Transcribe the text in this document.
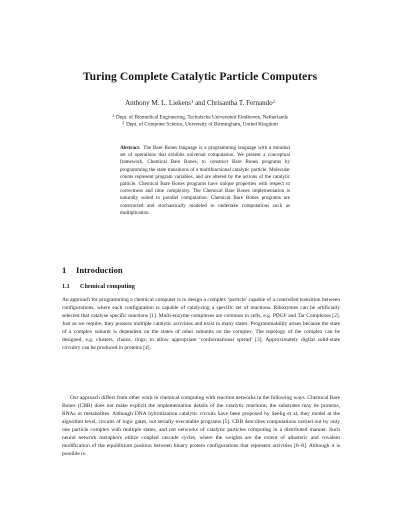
Turing Complete Catalytic Particle Computers
Anthony M. L. Liekens$^1$ and Chrisantha T. Fernando$^2$
$^1$ Dept. of Biomedical Engineering, Technische Universiteit Eindhoven, Netherlands
$^2$ Dept. of Computer Science, University of Birmingham, United Kingdom
Abstract. The Bare Bones language is a programming language with a minimal set of operations that exhibits universal computation. We present a conceptual framework, Chemical Bare Bones, to construct Bare Bones programs by programming the state transitions of a multifunctional catalytic particle. Molecular counts represent program variables, and are altered by the actions of the catalytic particle. Chemical Bare Bones programs have unique properties with respect to correctness and time complexity. The Chemical Bare Bones implementation is naturally suited to parallel computation. Chemical Bare Bones programs are constructed and stochastically modeled to undertake computations such as multiplication.
1 Introduction
1.1 Chemical computing
An approach for programming a chemical computer is to design a complex ‘particle’ capable of a controlled transition between configurations, where each configuration is capable of catalyzing a specific set of reactions. Ribozymes can be artificially selected that catalyse specific reactions [1]. Multi-enzyme complexes are common in cells, e.g. PDGF and Tar Complexes [2]. Just as we require, they possess multiple catalytic activities and exist in many states. Programmability arises because the state of a complex subunit is dependent on the states of other subunits on the complex. The topology of the complex can be designed, e.g. clusters, chains, rings, to allow appropriate ‘conformational spread’ [3]. Approximately digital solid-state circuitry can be produced in proteins [4].
Our approach differs from other work in chemical computing with reaction networks in the following ways. Chemical Bare Bones (CBB) does not make explicit the implementation details of the catalytic reactions; the substrates may be proteins, RNAs or metabolites. Although DNA hybridization catalytic circuits have been proposed by Seelig et al, they model at the algorithm level, circuits of logic gates, not serially executable programs [5]. CBB describes computations carried out by only one particle complex with multiple states, and not networks of catalytic particles computing in a distributed manner. Such neural network metaphors utilize coupled cascade cycles, where the weights are the extent of allosteric and covalent modification of the equilibrium position between binary protein configurations that represent activities [6–8]. Although it is possible to
